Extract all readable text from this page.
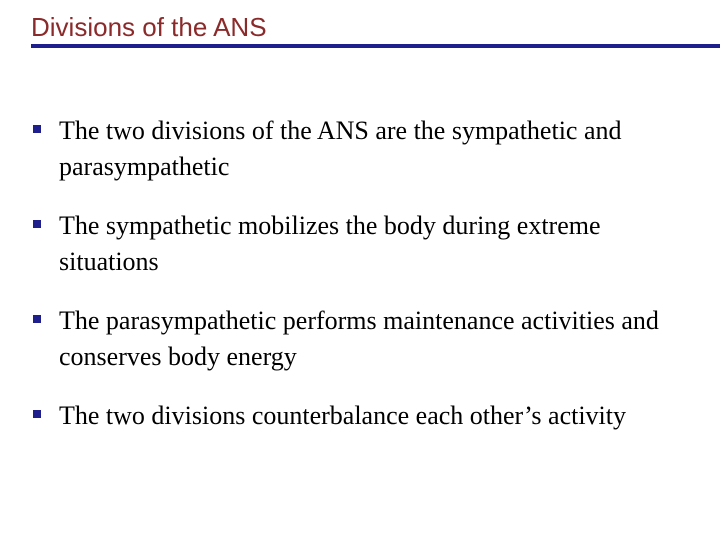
Divisions of the ANS
The two divisions of the ANS are the sympathetic and parasympathetic
The sympathetic mobilizes the body during extreme situations
The parasympathetic performs maintenance activities and conserves body energy
The two divisions counterbalance each other’s activity
